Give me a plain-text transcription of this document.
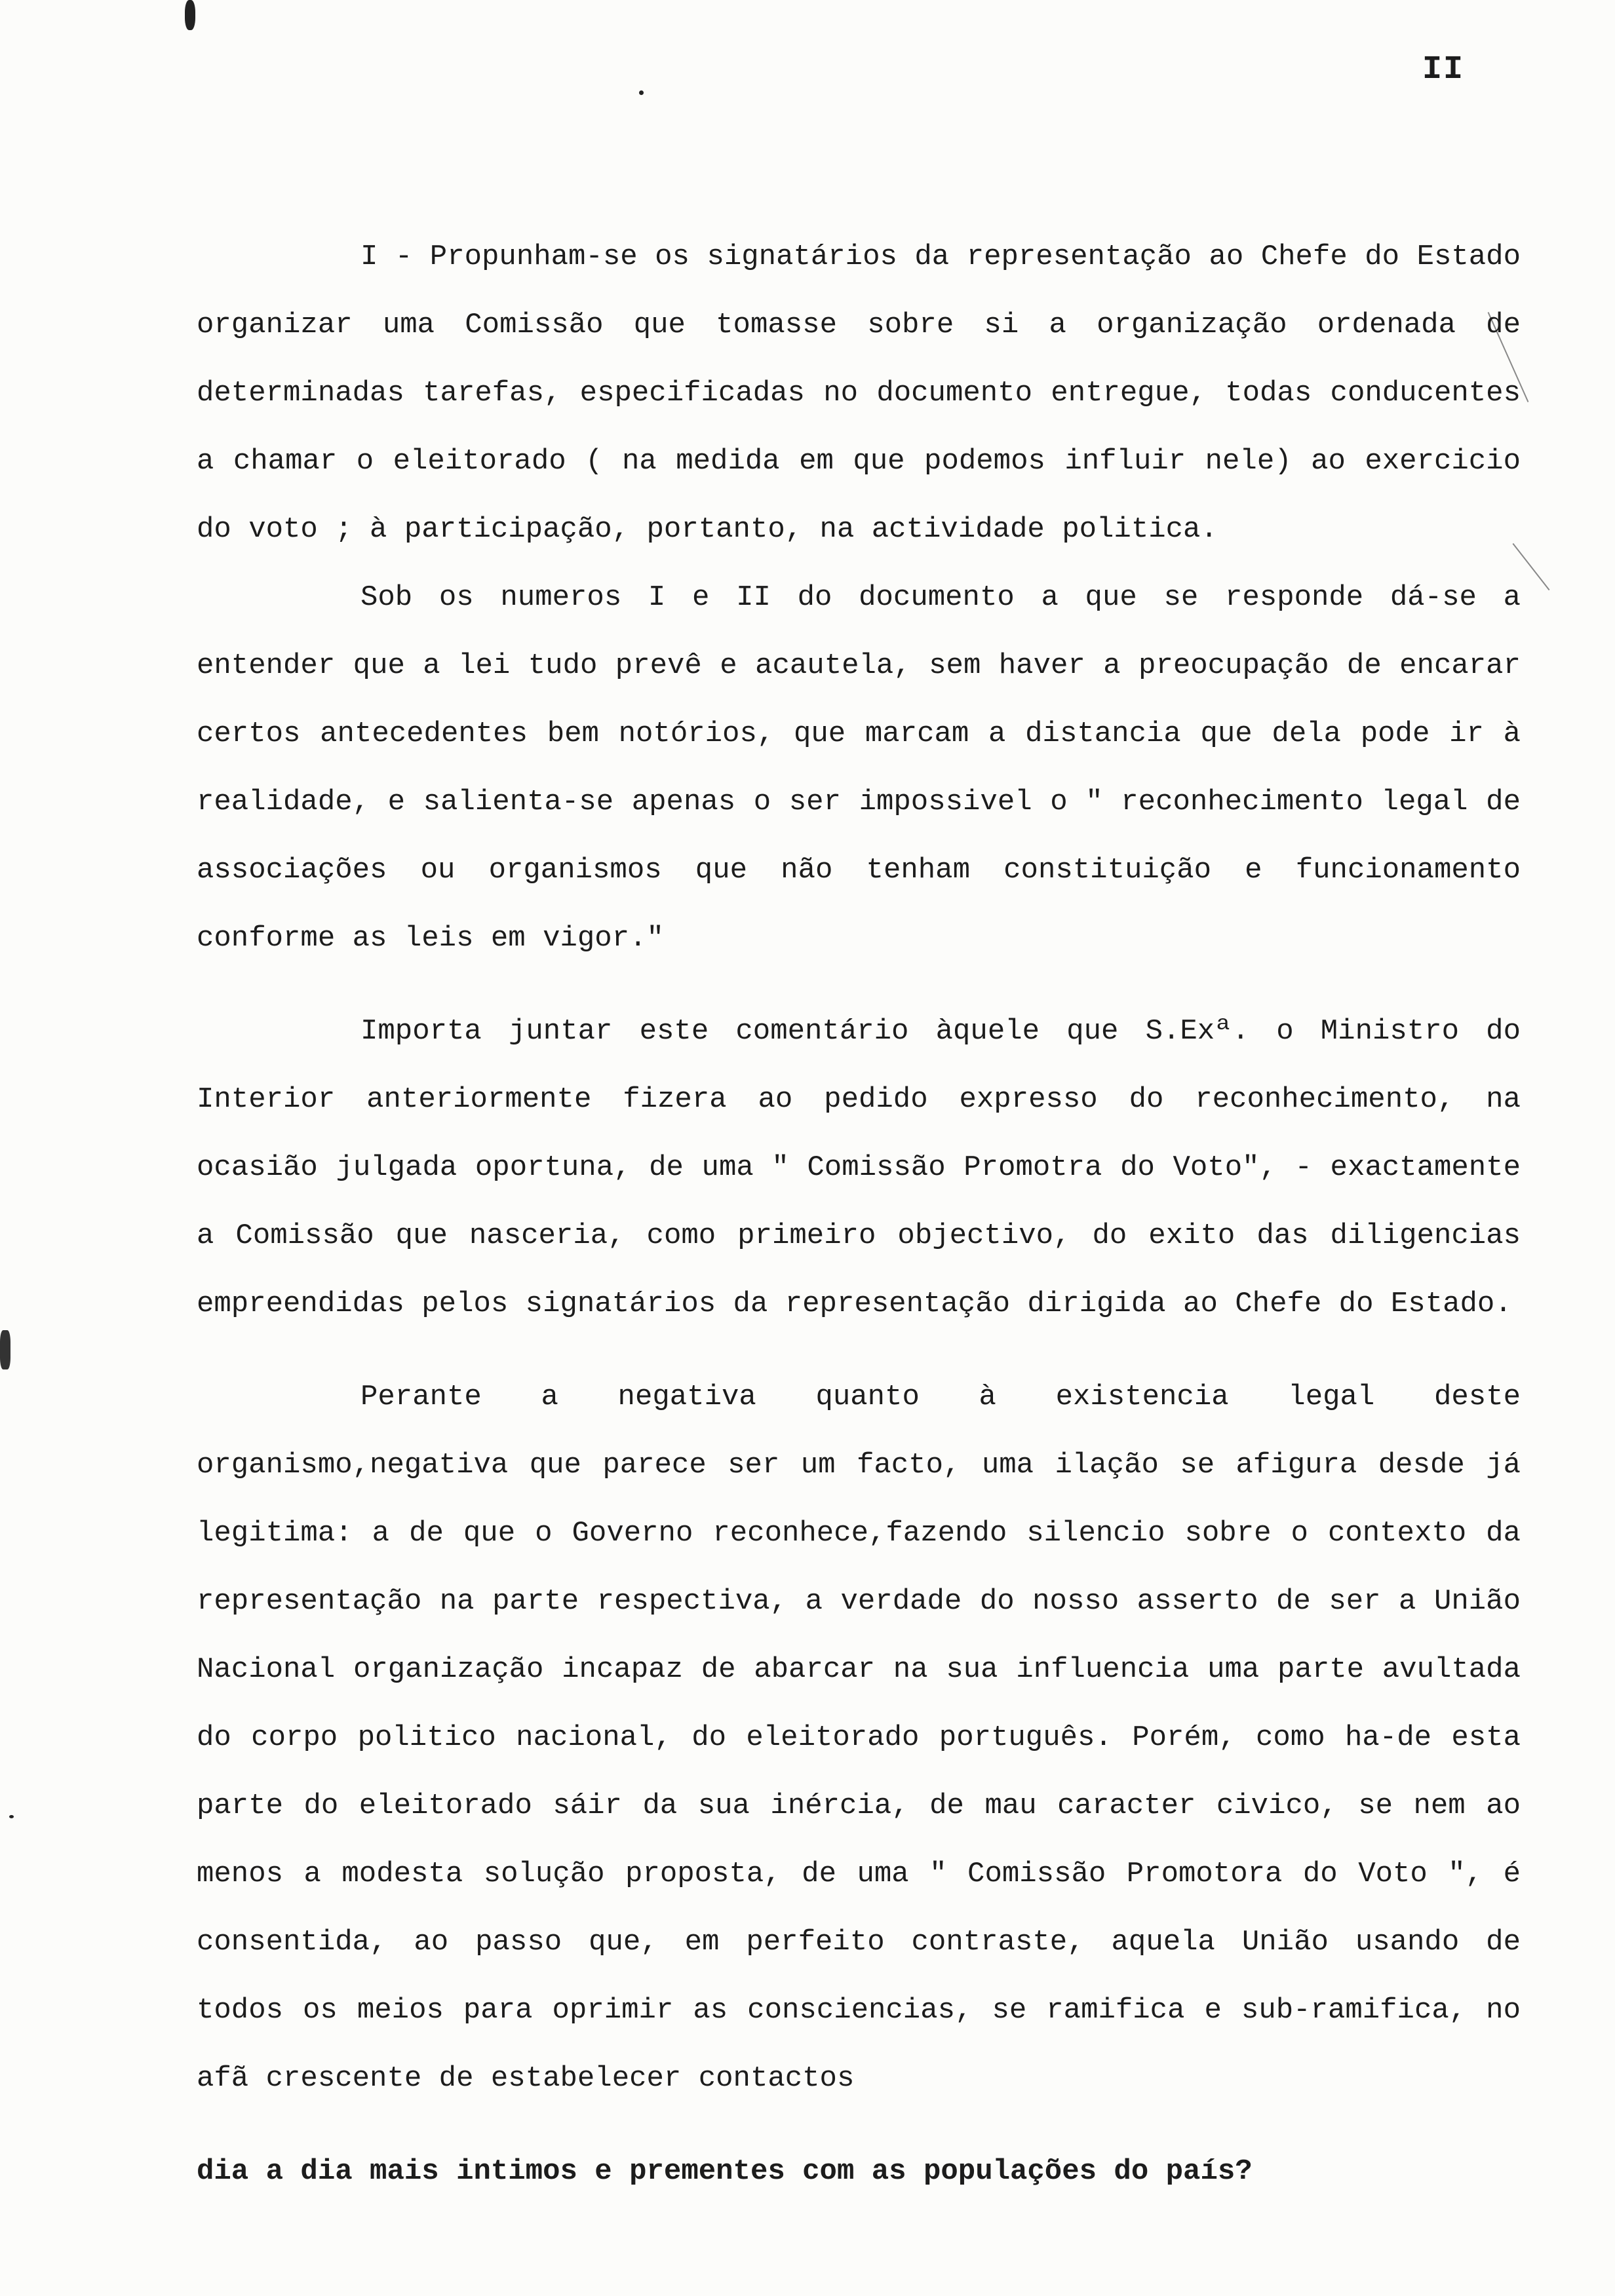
II

I - Propunham-se os signatários da representação ao Chefe do Estado organizar uma Comissão que tomasse sobre si a organização ordenada de determinadas tarefas, especificadas no documento entregue, todas conducentes a chamar o eleitorado ( na medida em que podemos influir nele) ao exercicio do voto ; à participação, portanto, na actividade politica.

Sob os numeros I e II do documento a que se responde dá-se a entender que a lei tudo prevê e acautela, sem haver a preocupação de encarar certos antecedentes bem notórios, que marcam a distancia que dela pode ir à realidade, e salienta-se apenas o ser impossivel o " reconhecimento legal de associações ou organismos que não tenham constituição e funcionamento conforme as leis em vigor."

Importa juntar este comentário àquele que S.Exª. o Ministro do Interior anteriormente fizera ao pedido expresso do reconhecimento, na ocasião julgada oportuna, de uma " Comissão Promotra do Voto", - exactamente a Comissão que nasceria, como primeiro objectivo, do exito das diligencias empreendidas pelos signatários da representação dirigida ao Chefe do Estado.

Perante a negativa quanto à existencia legal deste organismo,negativa que parece ser um facto, uma ilação se afigura desde já legitima: a de que o Governo reconhece,fazendo silencio sobre o contexto da representação na parte respectiva, a verdade do nosso asserto de ser a União Nacional organização incapaz de abarcar na sua influencia uma parte avultada do corpo politico nacional, do eleitorado português. Porém, como ha-de esta parte do eleitorado sáir da sua inércia, de mau caracter civico, se nem ao menos a modesta solução proposta, de uma " Comissão Promotora do Voto ", é consentida, ao passo que, em perfeito contraste, aquela União usando de todos os meios para oprimir as consciencias, se ramifica e sub-ramifica, no afã crescente de estabelecer contactos

dia a dia mais intimos e prementes com as populações do país?
